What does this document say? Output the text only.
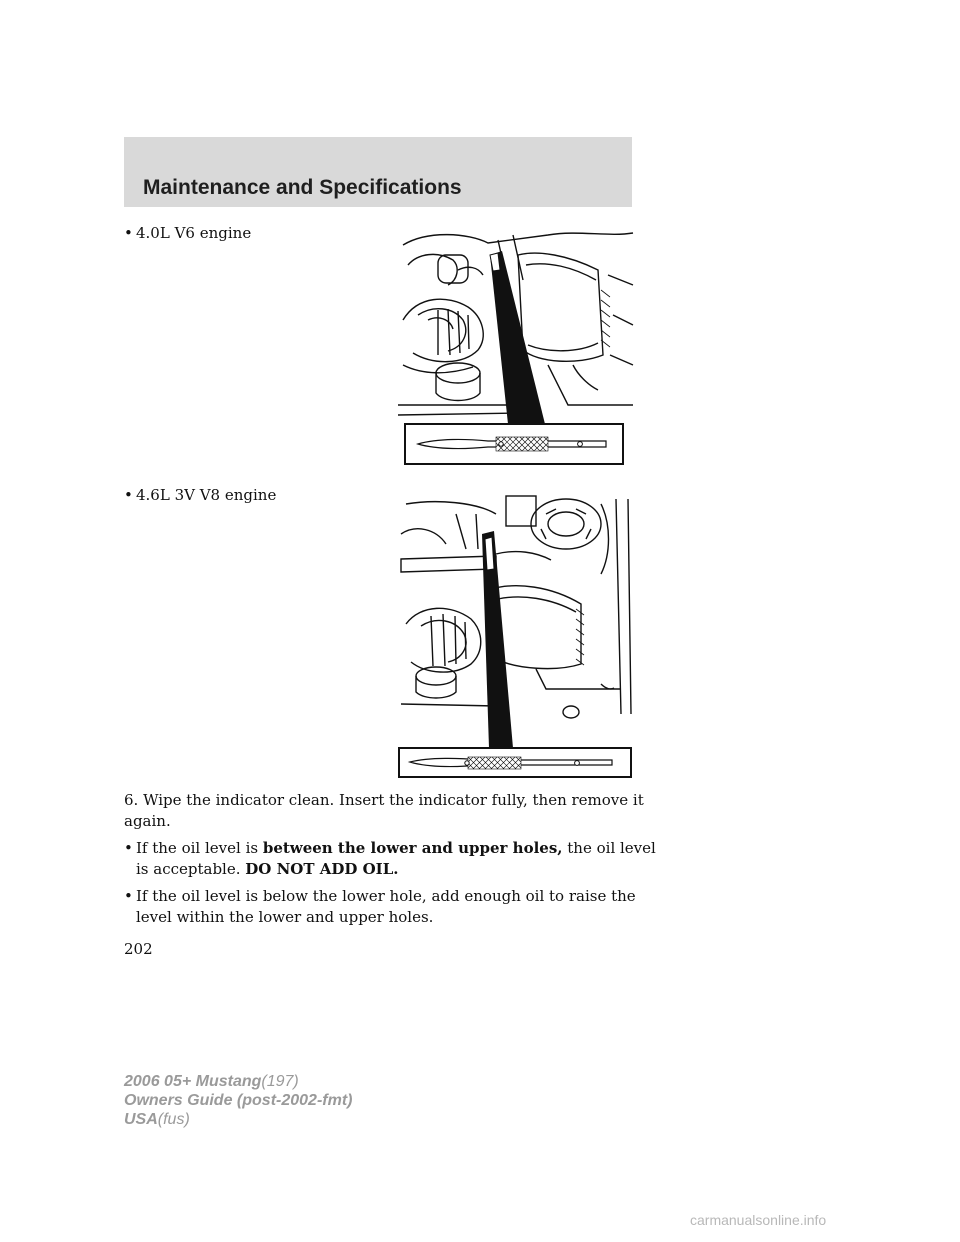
Maintenance and Specifications
• 4.0L V6 engine
• 4.6L 3V V8 engine
6. Wipe the indicator clean. Insert the indicator fully, then remove it
again.
• If the oil level is between the lower and upper holes, the oil level
is acceptable. DO NOT ADD OIL.
• If the oil level is below the lower hole, add enough oil to raise the
level within the lower and upper holes.
202
2006 05+ Mustang(197)
Owners Guide (post-2002-fmt)
USA(fus)
carmanualsonline.info
